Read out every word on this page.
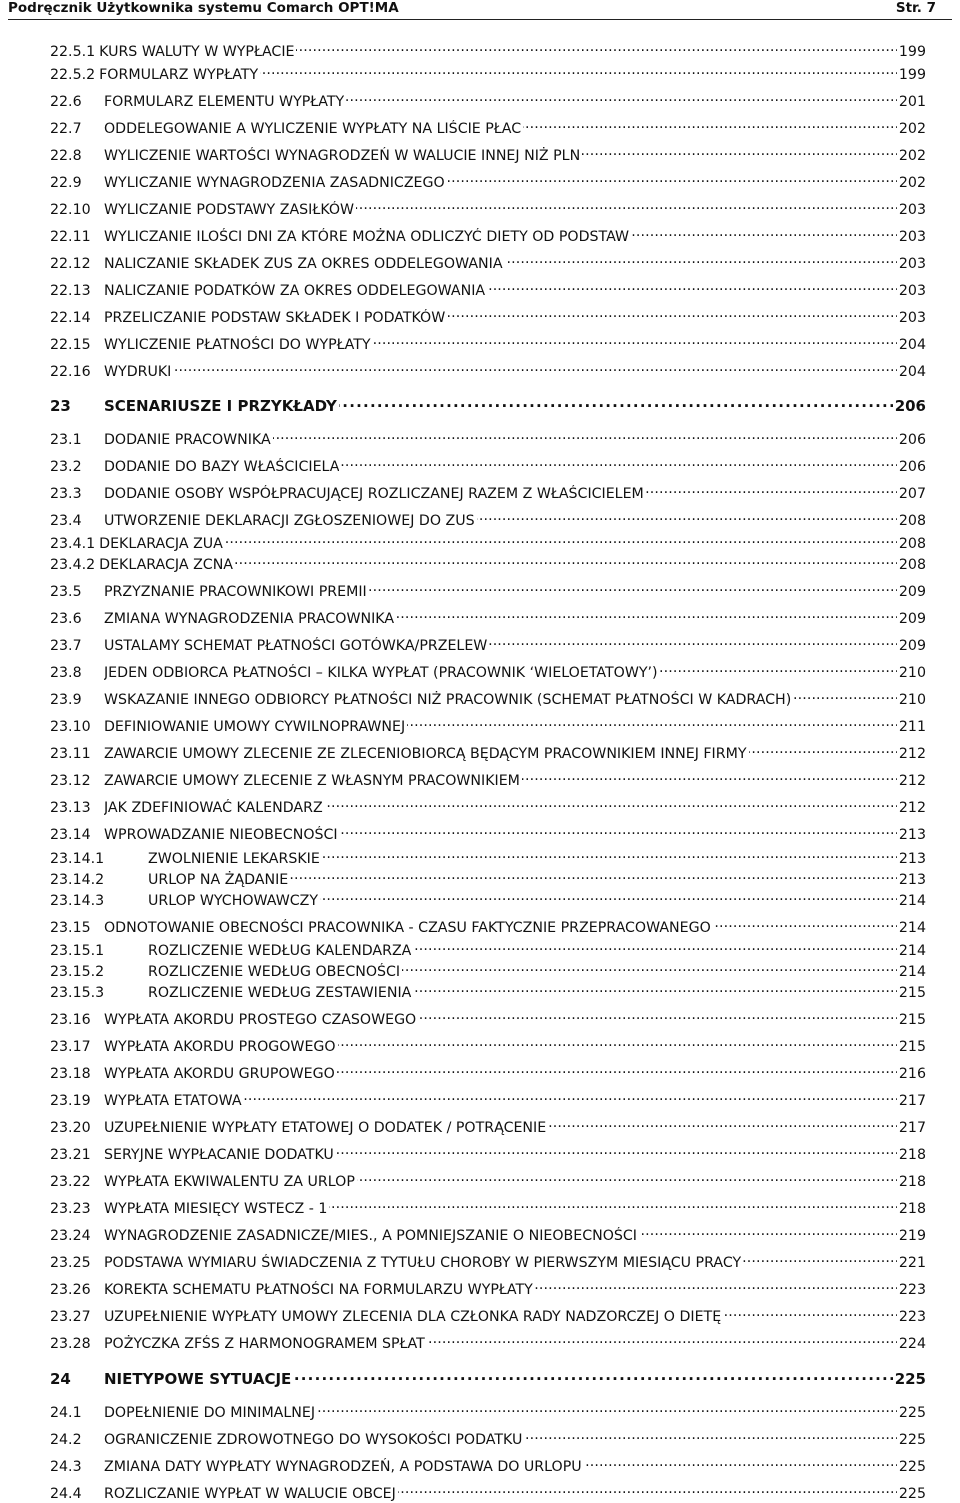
Podręcznik Użytkownika systemu Comarch OPT!MA	Str. 7
22.5.1 KURS WALUTY W WYPŁACIE . . .	199
22.5.2 FORMULARZ WYPŁATY . . .	199
22.6	FORMULARZ ELEMENTU WYPŁATY . . .	201
22.7	ODDELEGOWANIE A WYLICZENIE WYPŁATY NA LIŚCIE PŁAC . . .	202
22.8	WYLICZENIE WARTOŚCI WYNAGRODZEŃ W WALUCIE INNEJ NIŻ PLN . . .	202
22.9	WYLICZANIE WYNAGRODZENIA ZASADNICZEGO . . .	202
22.10 WYLICZANIE PODSTAWY ZASIŁKÓW . . .	203
22.11 WYLICZANIE ILOŚCI DNI ZA KTÓRE MOŻNA ODLICZYĆ DIETY OD PODSTAW . . .	203
22.12 NALICZANIE SKŁADEK ZUS ZA OKRES ODDELEGOWANIA . . .	203
22.13 NALICZANIE PODATKÓW ZA OKRES ODDELEGOWANIA . . .	203
22.14 PRZELICZANIE PODSTAW SKŁADEK I PODATKÓW . . .	203
22.15 WYLICZENIE PŁATNOŚCI DO WYPŁATY . . .	204
22.16 WYDRUKI . . .	204
23	SCENARIUSZE I PRZYKŁADY . . .	206
23.1	DODANIE PRACOWNIKA . . .	206
23.2	DODANIE DO BAZY WŁAŚCICIELA . . .	206
23.3	DODANIE OSOBY WSPÓŁPRACUJĄCEJ ROZLICZANEJ RAZEM Z WŁAŚCICIELEM . . .	207
23.4	UTWORZENIE DEKLARACJI ZGŁOSZENIOWEJ DO ZUS . . .	208
23.4.1 DEKLARACJA ZUA . . .	208
23.4.2 DEKLARACJA ZCNA . . .	208
23.5	PRZYZNANIE PRACOWNIKOWI PREMII . . .	209
23.6	ZMIANA WYNAGRODZENIA PRACOWNIKA . . .	209
23.7	USTALAMY SCHEMAT PŁATNOŚCI GOTÓWKA/PRZELEW . . .	209
23.8	JEDEN ODBIORCA PŁATNOŚCI – KILKA WYPŁAT (PRACOWNIK ‘WIELOETATOWY’) . . .	210
23.9	WSKAZANIE INNEGO ODBIORCY PŁATNOŚCI NIŻ PRACOWNIK (SCHEMAT PŁATNOŚCI W KADRACH) . . .	210
23.10 DEFINIOWANIE UMOWY CYWILNOPRAWNEJ . . .	211
23.11 ZAWARCIE UMOWY ZLECENIE ZE ZLECENIOBIORCĄ BĘDĄCYM PRACOWNIKIEM INNEJ FIRMY . . .	212
23.12 ZAWARCIE UMOWY ZLECENIE Z WŁASNYM PRACOWNIKIEM . . .	212
23.13 JAK ZDEFINIOWAĆ KALENDARZ . . .	212
23.14 WPROWADZANIE NIEOBECNOŚCI . . .	213
23.14.1	ZWOLNIENIE LEKARSKIE . . .	213
23.14.2	URLOP NA ŻĄDANIE . . .	213
23.14.3	URLOP WYCHOWAWCZY . . .	214
23.15 ODNOTOWANIE OBECNOŚCI PRACOWNIKA - CZASU FAKTYCZNIE PRZEPRACOWANEGO . . .	214
23.15.1	ROZLICZENIE WEDŁUG KALENDARZA . . .	214
23.15.2	ROZLICZENIE WEDŁUG OBECNOŚCI . . .	214
23.15.3	ROZLICZENIE WEDŁUG ZESTAWIENIA . . .	215
23.16 WYPŁATA AKORDU PROSTEGO CZASOWEGO . . .	215
23.17 WYPŁATA AKORDU PROGOWEGO . . .	215
23.18 WYPŁATA AKORDU GRUPOWEGO . . .	216
23.19 WYPŁATA ETATOWA . . .	217
23.20 UZUPEŁNIENIE WYPŁATY ETATOWEJ O DODATEK / POTRĄCENIE . . .	217
23.21 SERYJNE WYPŁACANIE DODATKU . . .	218
23.22 WYPŁATA EKWIWALENTU ZA URLOP . . .	218
23.23 WYPŁATA MIESIĘCY WSTECZ - 1 . . .	218
23.24 WYNAGRODZENIE ZASADNICZE/MIES., A POMNIEJSZANIE O NIEOBECNOŚCI . . .	219
23.25 PODSTAWA WYMIARU ŚWIADCZENIA Z TYTUŁU CHOROBY W PIERWSZYM MIESIĄCU PRACY . . .	221
23.26 KOREKTA SCHEMATU PŁATNOŚCI NA FORMULARZU WYPŁATY . . .	223
23.27 UZUPEŁNIENIE WYPŁATY UMOWY ZLECENIA DLA CZŁONKA RADY NADZORCZEJ O DIETĘ . . .	223
23.28 POŻYCZKA ZFŚS Z HARMONOGRAMEM SPŁAT . . .	224
24	NIETYPOWE SYTUACJE . . .	225
24.1	DOPEŁNIENIE DO MINIMALNEJ . . .	225
24.2	OGRANICZENIE ZDROWOTNEGO DO WYSOKOŚCI PODATKU . . .	225
24.3	ZMIANA DATY WYPŁATY WYNAGRODZEŃ, A PODSTAWA DO URLOPU . . .	225
24.4	ROZLICZANIE WYPŁAT W WALUCIE OBCEJ . . .	225
